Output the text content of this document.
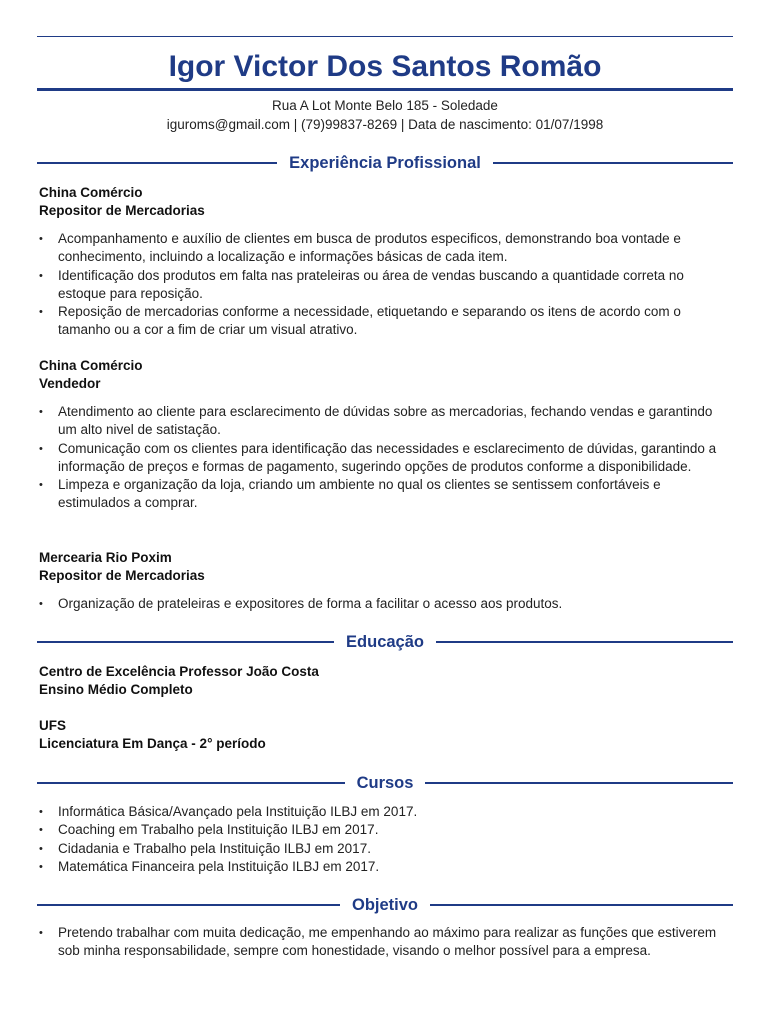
Igor Victor Dos Santos Romão
Rua A Lot Monte Belo 185 - Soledade
iguroms@gmail.com | (79)99837-8269 | Data de nascimento: 01/07/1998
Experiência Profissional
China Comércio
Repositor de Mercadorias
• Acompanhamento e auxílio de clientes em busca de produtos especificos, demonstrando boa vontade e conhecimento, incluindo a localização e informações básicas de cada item.
• Identificação dos produtos em falta nas prateleiras ou área de vendas buscando a quantidade correta no estoque para reposição.
• Reposição de mercadorias conforme a necessidade, etiquetando e separando os itens de acordo com o tamanho ou a cor a fim de criar um visual atrativo.
China Comércio
Vendedor
• Atendimento ao cliente para esclarecimento de dúvidas sobre as mercadorias, fechando vendas e garantindo um alto nivel de satistação.
• Comunicação com os clientes para identificação das necessidades e esclarecimento de dúvidas, garantindo a informação de preços e formas de pagamento, sugerindo opções de produtos conforme a disponibilidade.
• Limpeza e organização da loja, criando um ambiente no qual os clientes se sentissem confortáveis e estimulados a comprar.
Mercearia Rio Poxim
Repositor de Mercadorias
• Organização de prateleiras e expositores de forma a facilitar o acesso aos produtos.
Educação
Centro de Excelência Professor João Costa
Ensino Médio Completo
UFS
Licenciatura Em Dança - 2° período
Cursos
• Informática Básica/Avançado pela Instituição ILBJ em 2017.
• Coaching em Trabalho pela Instituição ILBJ em 2017.
• Cidadania e Trabalho pela Instituição ILBJ em 2017.
• Matemática Financeira pela Instituição ILBJ em 2017.
Objetivo
• Pretendo trabalhar com muita dedicação, me empenhando ao máximo para realizar as funções que estiverem sob minha responsabilidade, sempre com honestidade, visando o melhor possível para a empresa.
